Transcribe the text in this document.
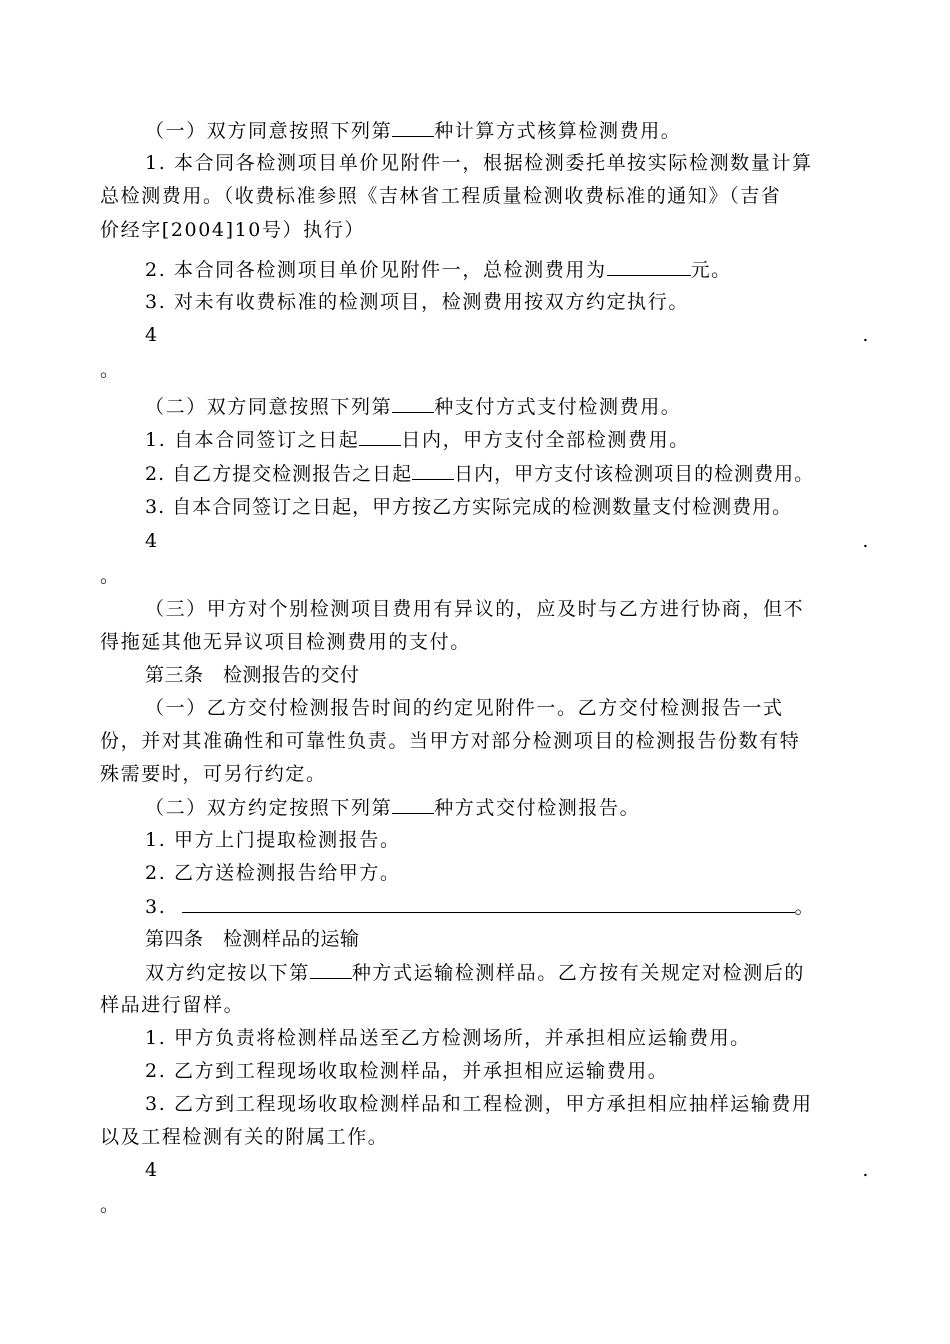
（一）双方同意按照下列第 种计算方式核算检测费用。
1. 本合同各检测项目单价见附件一，根据检测委托单按实际检测数量计算
总检测费用。（收费标准参照《吉林省工程质量检测收费标准的通知》（吉省
价经字[2004]10号）执行）
2. 本合同各检测项目单价见附件一，总检测费用为	元。
3. 对未有收费标准的检测项目，检测费用按双方约定执行。
4	.
。
（二）双方同意按照下列第 种支付方式支付检测费用。
1. 自本合同签订之日起 日内，甲方支付全部检测费用。
2. 自乙方提交检测报告之日起 日内，甲方支付该检测项目的检测费用。
3. 自本合同签订之日起，甲方按乙方实际完成的检测数量支付检测费用。
4	.
。
（三）甲方对个别检测项目费用有异议的，应及时与乙方进行协商，但不
得拖延其他无异议项目检测费用的支付。
第三条　检测报告的交付
（一）乙方交付检测报告时间的约定见附件一。乙方交付检测报告一式
份，并对其准确性和可靠性负责。当甲方对部分检测项目的检测报告份数有特
殊需要时，可另行约定。
（二）双方约定按照下列第 种方式交付检测报告。
1. 甲方上门提取检测报告。
2. 乙方送检测报告给甲方。
3.	。
第四条　检测样品的运输
双方约定按以下第 种方式运输检测样品。乙方按有关规定对检测后的
样品进行留样。
1. 甲方负责将检测样品送至乙方检测场所，并承担相应运输费用。
2. 乙方到工程现场收取检测样品，并承担相应运输费用。
3. 乙方到工程现场收取检测样品和工程检测，甲方承担相应抽样运输费用
以及工程检测有关的附属工作。
4	.
。
